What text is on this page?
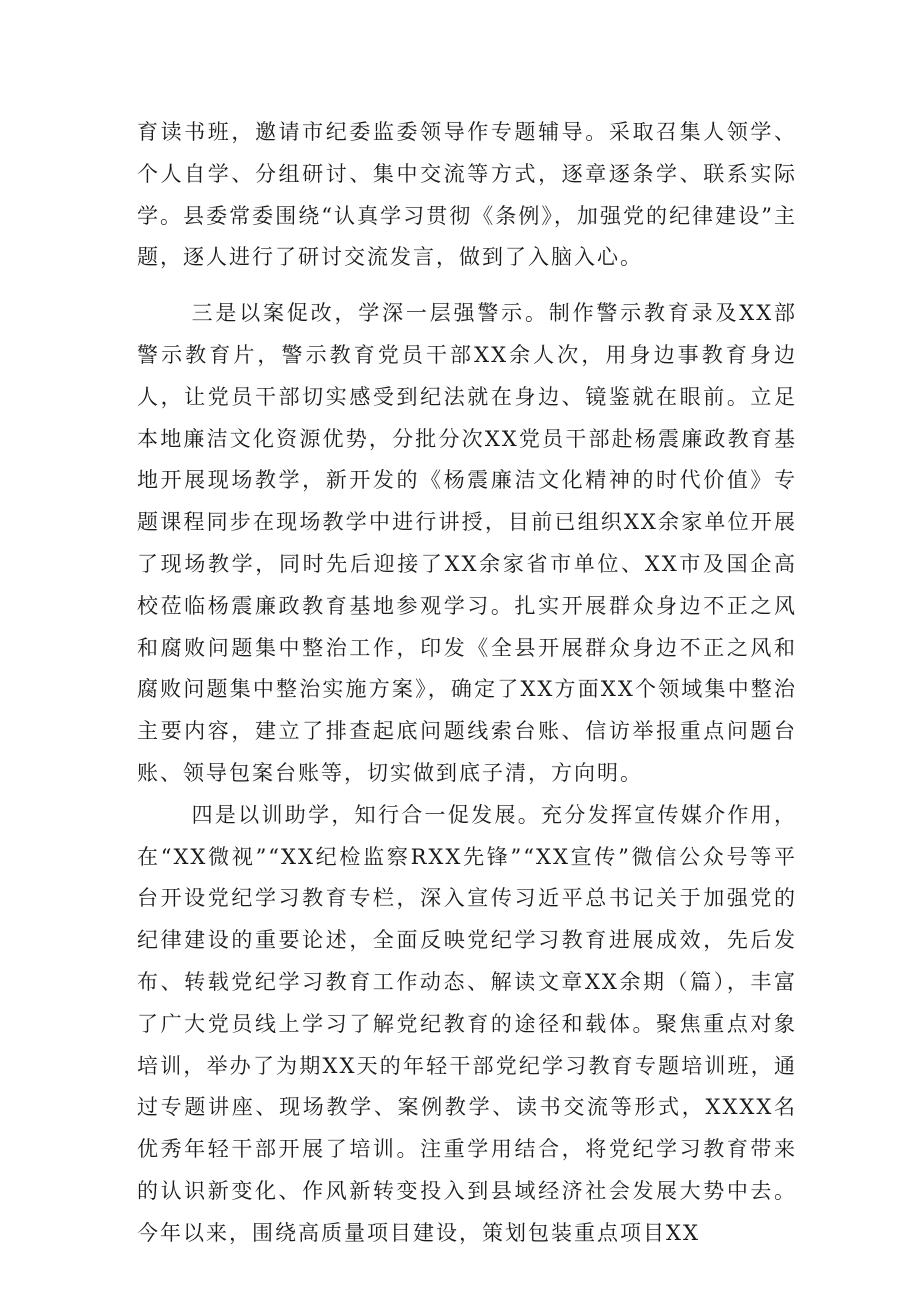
育读书班，邀请市纪委监委领导作专题辅导。采取召集人领学、个人自学、分组研讨、集中交流等方式，逐章逐条学、联系实际学。县委常委围绕“认真学习贯彻《条例》，加强党的纪律建设”主题，逐人进行了研讨交流发言，做到了入脑入心。

三是以案促改，学深一层强警示。制作警示教育录及XX部警示教育片，警示教育党员干部XX余人次，用身边事教育身边人，让党员干部切实感受到纪法就在身边、镜鉴就在眼前。立足本地廉洁文化资源优势，分批分次XX党员干部赴杨震廉政教育基地开展现场教学，新开发的《杨震廉洁文化精神的时代价值》专题课程同步在现场教学中进行讲授，目前已组织XX余家单位开展了现场教学，同时先后迎接了XX余家省市单位、XX市及国企高校莅临杨震廉政教育基地参观学习。扎实开展群众身边不正之风和腐败问题集中整治工作，印发《全县开展群众身边不正之风和腐败问题集中整治实施方案》，确定了XX方面XX个领域集中整治主要内容，建立了排查起底问题线索台账、信访举报重点问题台账、领导包案台账等，切实做到底子清，方向明。

四是以训助学，知行合一促发展。充分发挥宣传媒介作用，在“XX微视”“XX纪检监察RXX先锋”“XX宣传”微信公众号等平台开设党纪学习教育专栏，深入宣传习近平总书记关于加强党的纪律建设的重要论述，全面反映党纪学习教育进展成效，先后发布、转载党纪学习教育工作动态、解读文章XX余期（篇），丰富了广大党员线上学习了解党纪教育的途径和载体。聚焦重点对象培训，举办了为期XX天的年轻干部党纪学习教育专题培训班，通过专题讲座、现场教学、案例教学、读书交流等形式，XXXX名优秀年轻干部开展了培训。注重学用结合，将党纪学习教育带来的认识新变化、作风新转变投入到县域经济社会发展大势中去。今年以来，围绕高质量项目建设，策划包装重点项目XX
